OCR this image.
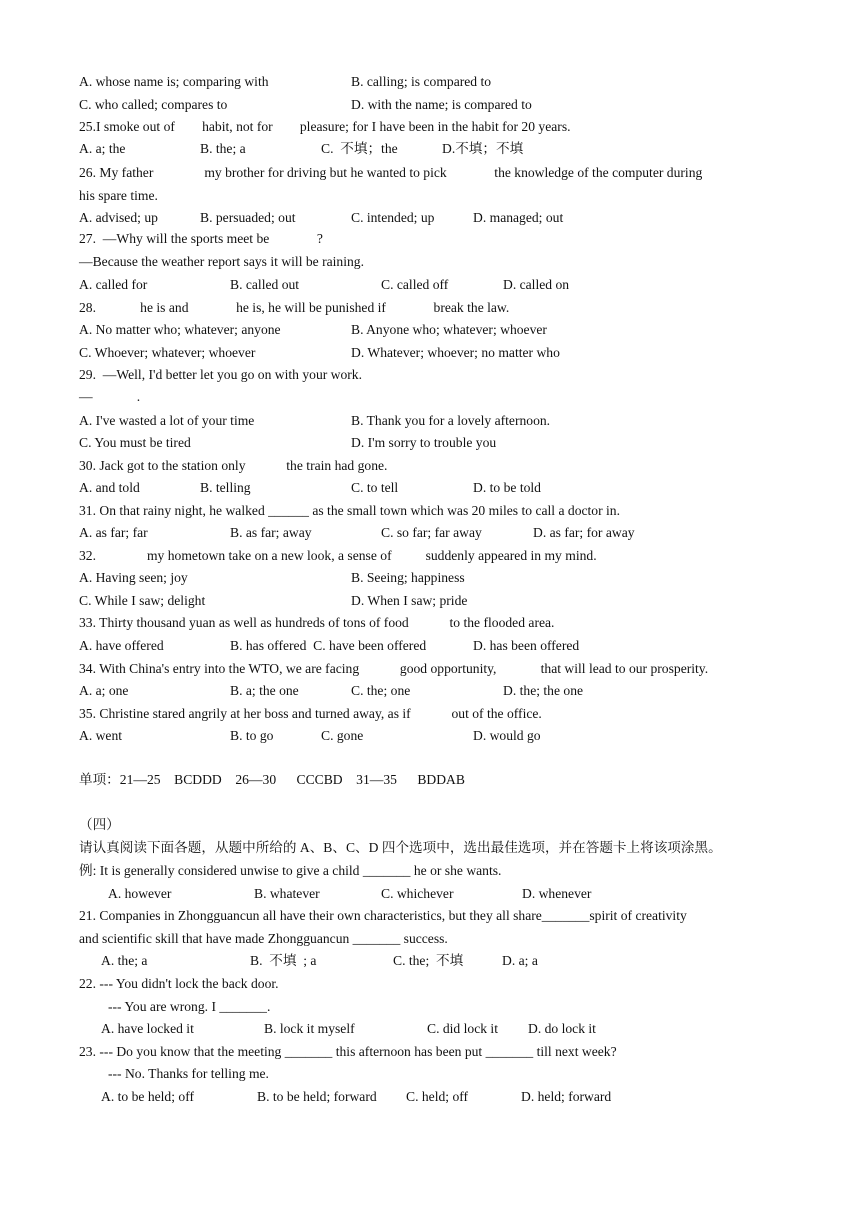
A. whose name is; comparing with	B. calling; is compared to
C. who called; compares to	D. with the name; is compared to
25.I smoke out of        habit, not for        pleasure; for I have been in the habit for 20 years.
A. a; the	B. the; a	C.  不填；the	D.不填；不填
26. My father               my brother for driving but he wanted to pick              the knowledge of the computer during
his spare time.
A. advised; up	B. persuaded; out	C. intended; up	D. managed; out
27.  —Why will the sports meet be              ?
—Because the weather report says it will be raining.
A. called for	B. called out	C. called off	D. called on
28.             he is and              he is, he will be punished if              break the law.
A. No matter who; whatever; anyone	B. Anyone who; whatever; whoever
C. Whoever; whatever; whoever	D. Whatever; whoever; no matter who
29.  —Well, I'd better let you go on with your work.
—             .
A. I've wasted a lot of your time	B. Thank you for a lovely afternoon.
C. You must be tired	D. I'm sorry to trouble you
30. Jack got to the station only            the train had gone.
A. and told	B. telling	C. to tell	D. to be told
31. On that rainy night, he walked ______ as the small town which was 20 miles to call a doctor in.
A. as far; far	B. as far; away	C. so far; far away	D. as far; for away
32.               my hometown take on a new look, a sense of          suddenly appeared in my mind.
A. Having seen; joy	B. Seeing; happiness
C. While I saw; delight	D. When I saw; pride
33. Thirty thousand yuan as well as hundreds of tons of food            to the flooded area.
A. have offered	B. has offered  C. have been offered	D. has been offered
34. With China's entry into the WTO, we are facing            good opportunity,             that will lead to our prosperity.
A. a; one	B. a; the one	C. the; one	D. the; the one
35. Christine stared angrily at her boss and turned away, as if            out of the office.
A. went	B. to go	C. gone	D. would go
单项：21—25    BCDDD    26—30      CCCBD    31—35      BDDAB
（四）
请认真阅读下面各题，从题中所给的 A、B、C、D 四个选项中，选出最佳选项，并在答题卡上将该项涂黑。
例: It is generally considered unwise to give a child _______ he or she wants.
A. however	B. whatever	C. whichever	D. whenever
21. Companies in Zhongguancun all have their own characteristics, but they all share_______spirit of creativity
and scientific skill that have made Zhongguancun _______ success.
A. the; a	B.  不填  ; a	C. the;  不填	D. a; a
22. --- You didn't lock the back door.
--- You are wrong. I _______.
A. have locked it	B. lock it myself	C. did lock it D. do lock it
23. --- Do you know that the meeting _______ this afternoon has been put _______ till next week?
--- No. Thanks for telling me.
A. to be held; off	B. to be held; forward C. held; off	D. held; forward
